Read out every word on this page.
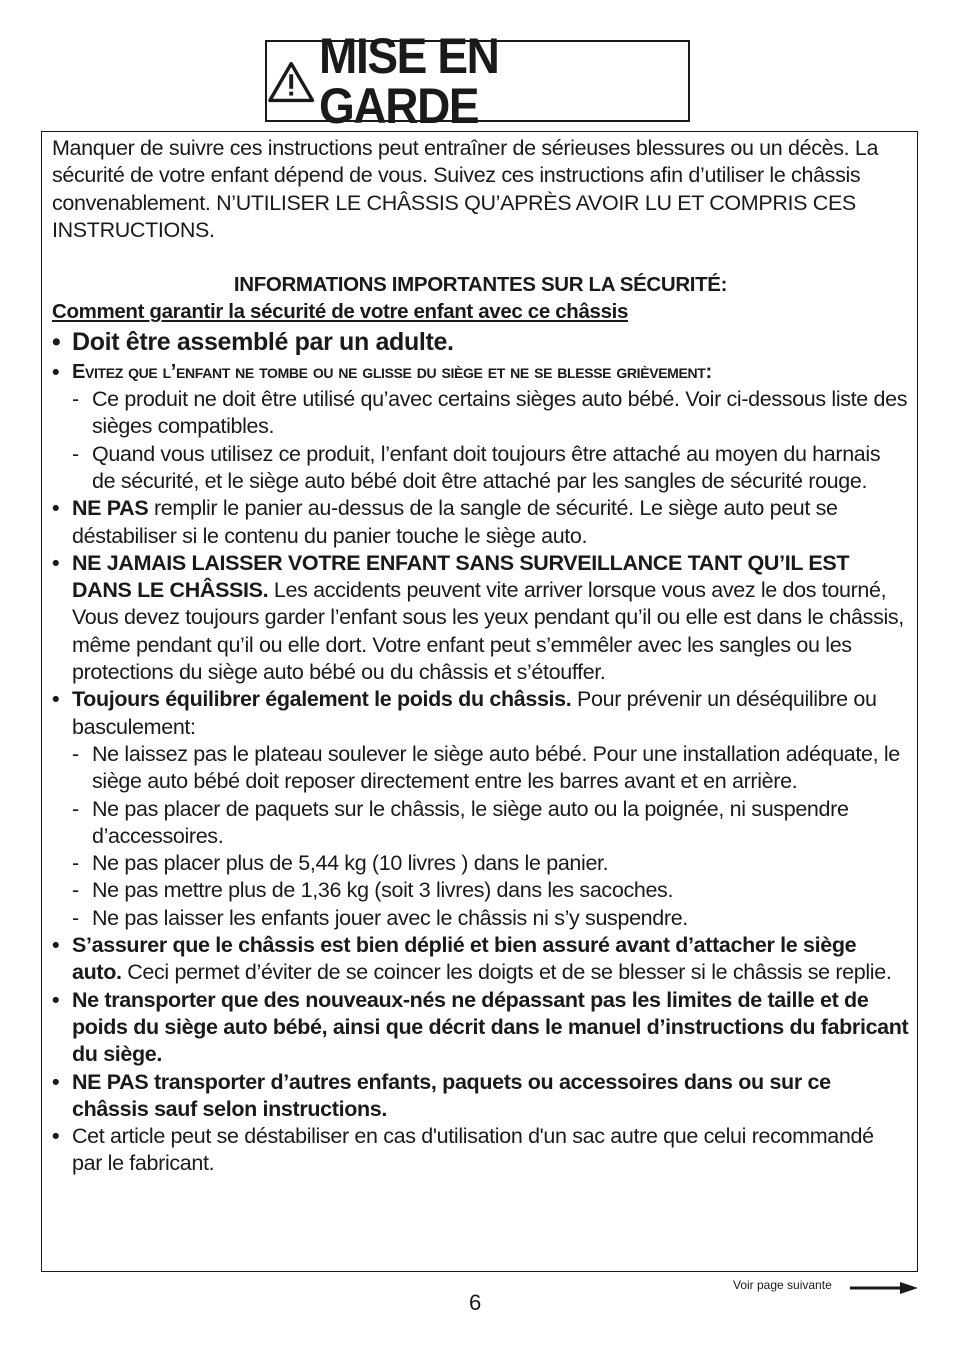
MISE EN GARDE

Manquer de suivre ces instructions peut entraîner de sérieuses blessures ou un décès. La sécurité de votre enfant dépend de vous. Suivez ces instructions afin d’utiliser le châssis convenablement. N’UTILISER LE CHÂSSIS QU’APRÈS AVOIR LU ET COMPRIS CES INSTRUCTIONS.

INFORMATIONS IMPORTANTES SUR LA SÉCURITÉ:
Comment garantir la sécurité de votre enfant avec ce châssis
• Doit être assemblé par un adulte.
• Evitez que l’enfant ne tombe ou ne glisse du siège et ne se blesse grièvement:
- Ce produit ne doit être utilisé qu’avec certains sièges auto bébé. Voir ci-dessous liste des sièges compatibles.
- Quand vous utilisez ce produit, l’enfant doit toujours être attaché au moyen du harnais de sécurité, et le siège auto bébé doit être attaché par les sangles de sécurité rouge.
• NE PAS remplir le panier au-dessus de la sangle de sécurité. Le siège auto peut se déstabiliser si le contenu du panier touche le siège auto.
• NE JAMAIS LAISSER VOTRE ENFANT SANS SURVEILLANCE TANT QU’IL EST DANS LE CHÂSSIS. Les accidents peuvent vite arriver lorsque vous avez le dos tourné, Vous devez toujours garder l’enfant sous les yeux pendant qu’il ou elle est dans le châssis, même pendant qu’il ou elle dort. Votre enfant peut s’emmêler avec les sangles ou les protections du siège auto bébé ou du châssis et s’étouffer.
• Toujours équilibrer également le poids du châssis. Pour prévenir un déséquilibre ou basculement:
- Ne laissez pas le plateau soulever le siège auto bébé. Pour une installation adéquate, le siège auto bébé doit reposer directement entre les barres avant et en arrière.
- Ne pas placer de paquets sur le châssis, le siège auto ou la poignée, ni suspendre d’accessoires.
- Ne pas placer plus de 5,44 kg (10 livres ) dans le panier.
- Ne pas mettre plus de 1,36 kg (soit 3 livres) dans les sacoches.
- Ne pas laisser les enfants jouer avec le châssis ni s’y suspendre.
• S’assurer que le châssis est bien déplié et bien assuré avant d’attacher le siège auto. Ceci permet d’éviter de se coincer les doigts et de se blesser si le châssis se replie.
• Ne transporter que des nouveaux-nés ne dépassant pas les limites de taille et de poids du siège auto bébé, ainsi que décrit dans le manuel d’instructions du fabricant du siège.
• NE PAS transporter d’autres enfants, paquets ou accessoires dans ou sur ce châssis sauf selon instructions.
• Cet article peut se déstabiliser en cas d'utilisation d'un sac autre que celui recommandé par le fabricant.
Voir page suivante
6
